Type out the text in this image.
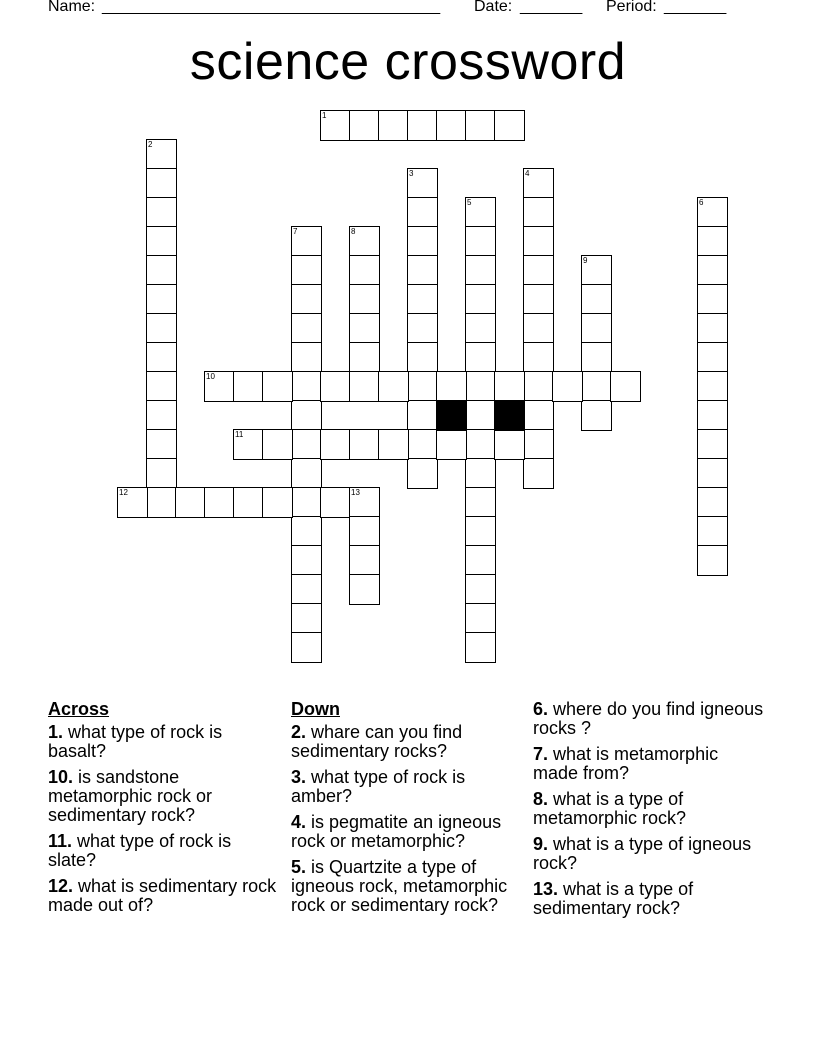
Name: ______________________________________ Date: _______ Period: _______
science crossword
1
2
3	4
5	6
7	8
9
10
11
12	13
Across
1. what type of rock is basalt?
10. is sandstone metamorphic rock or sedimentary rock?
11. what type of rock is slate?
12. what is sedimentary rock made out of?
Down
2. whare can you find sedimentary rocks?
3. what type of rock is amber?
4. is pegmatite an igneous rock or metamorphic?
5. is Quartzite a type of igneous rock, metamorphic rock or sedimentary rock?
6. where do you find igneous rocks ?
7. what is metamorphic made from?
8. what is a type of metamorphic rock?
9. what is a type of igneous rock?
13. what is a type of sedimentary rock?
